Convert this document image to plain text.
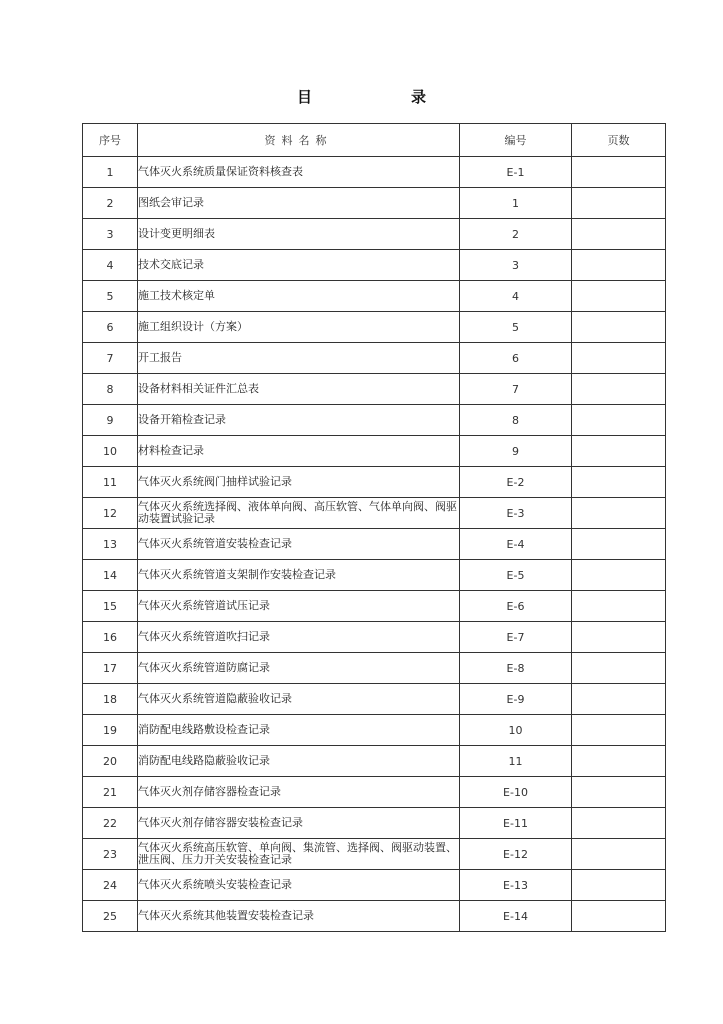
目　录
序号	资料名称	编号	页数
1	气体灭火系统质量保证资料核查表	E-1	
2	图纸会审记录	1	
3	设计变更明细表	2	
4	技术交底记录	3	
5	施工技术核定单	4	
6	施工组织设计（方案）	5	
7	开工报告	6	
8	设备材料相关证件汇总表	7	
9	设备开箱检查记录	8	
10	材料检查记录	9	
11	气体灭火系统阀门抽样试验记录	E-2	
12	气体灭火系统选择阀、液体单向阀、高压软管、气体单向阀、阀驱动装置试验记录	E-3	
13	气体灭火系统管道安装检查记录	E-4	
14	气体灭火系统管道支架制作安装检查记录	E-5	
15	气体灭火系统管道试压记录	E-6	
16	气体灭火系统管道吹扫记录	E-7	
17	气体灭火系统管道防腐记录	E-8	
18	气体灭火系统管道隐蔽验收记录	E-9	
19	消防配电线路敷设检查记录	10	
20	消防配电线路隐蔽验收记录	11	
21	气体灭火剂存储容器检查记录	E-10	
22	气体灭火剂存储容器安装检查记录	E-11	
23	气体灭火系统高压软管、单向阀、集流管、选择阀、阀驱动装置、泄压阀、压力开关安装检查记录	E-12	
24	气体灭火系统喷头安装检查记录	E-13	
25	气体灭火系统其他装置安装检查记录	E-14	
